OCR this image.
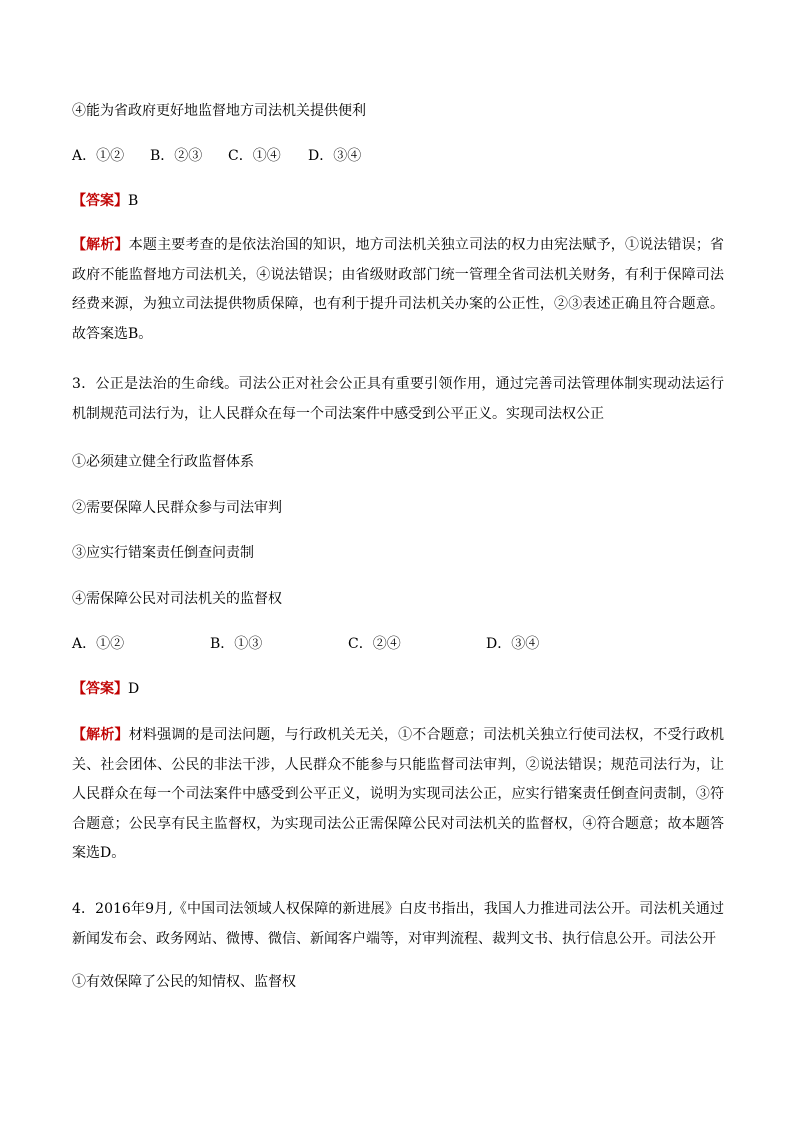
④能为省政府更好地监督地方司法机关提供便利
A．①② B．②③ C．①④ D．③④
【答案】B
【解析】本题主要考查的是依法治国的知识，地方司法机关独立司法的权力由宪法赋予，①说法错误；省政府不能监督地方司法机关，④说法错误；由省级财政部门统一管理全省司法机关财务，有利于保障司法经费来源，为独立司法提供物质保障，也有利于提升司法机关办案的公正性，②③表述正确且符合题意。故答案选B。
3．公正是法治的生命线。司法公正对社会公正具有重要引领作用，通过完善司法管理体制实现动法运行机制规范司法行为，让人民群众在每一个司法案件中感受到公平正义。实现司法权公正
①必须建立健全行政监督体系
②需要保障人民群众参与司法审判
③应实行错案责任倒查问责制
④需保障公民对司法机关的监督权
A．①②	B．①③	C．②④	D．③④
【答案】D
【解析】材料强调的是司法问题，与行政机关无关，①不合题意；司法机关独立行使司法权，不受行政机关、社会团体、公民的非法干涉，人民群众不能参与只能监督司法审判，②说法错误；规范司法行为，让人民群众在每一个司法案件中感受到公平正义，说明为实现司法公正，应实行错案责任倒查问责制，③符合题意；公民享有民主监督权，为实现司法公正需保障公民对司法机关的监督权，④符合题意；故本题答案选D。
4．2016年9月,《中国司法领域人权保障的新进展》白皮书指出，我国人力推进司法公开。司法机关通过新闻发布会、政务网站、微博、微信、新闻客户端等，对审判流程、裁判文书、执行信息公开。司法公开
①有效保障了公民的知情权、监督权
